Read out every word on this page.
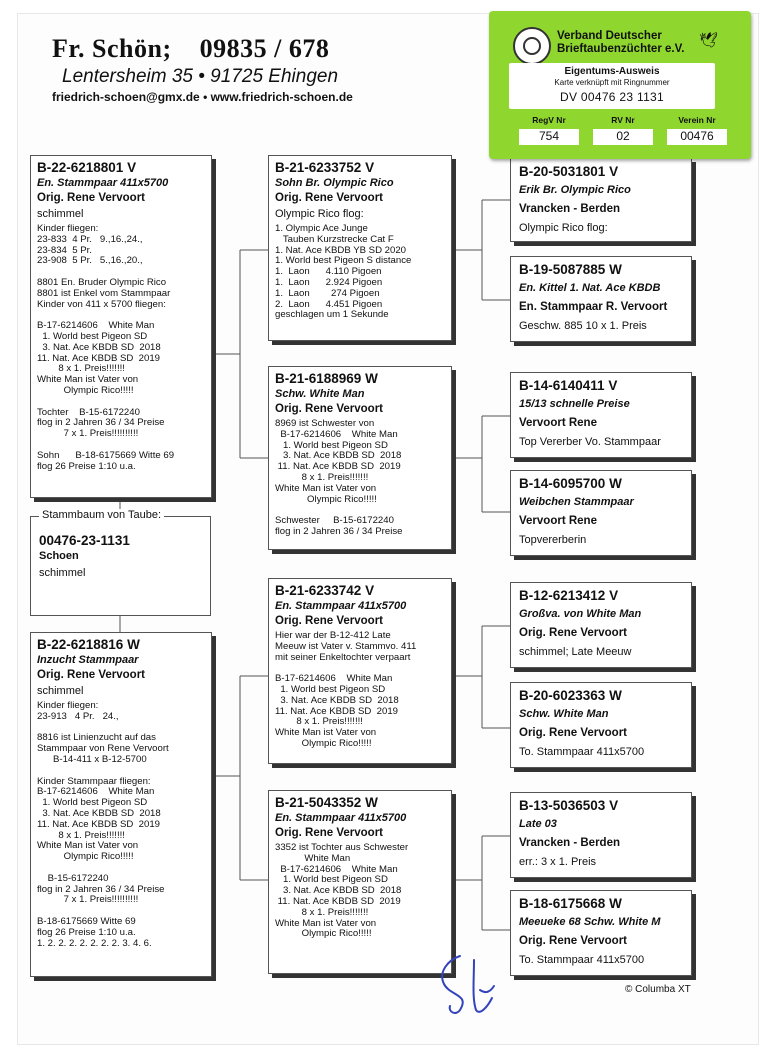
Fr. Schön;    09835 / 678
Lentersheim 35 • 91725 Ehingen
friedrich-schoen@gmx.de • www.friedrich-schoen.de
B-22-6218801 V
En. Stammpaar 411x5700
Orig. Rene Vervoort
schimmel
Kinder fliegen:
23-833  4 Pr.   9.,16.,24.,
23-834  5 Pr.
23-908  5 Pr.   5.,16.,20.,

8801 En. Bruder Olympic Rico
8801 ist Enkel vom Stammpaar
Kinder von 411 x 5700 fliegen:

B-17-6214606    White Man
1. World best Pigeon SD
3. Nat. Ace KBDB SD  2018
11. Nat. Ace KBDB SD  2019
8 x 1. Preis!!!!!!!
White Man ist Vater von
Olympic Rico!!!!!

Tochter    B-15-6172240
flog in 2 Jahren 36 / 34 Preise
7 x 1. Preis!!!!!!!!!!

Sohn      B-18-6175669 Witte 69
flog 26 Preise 1:10 u.a.
Stammbaum von Taube:
00476-23-1131
Schoen
schimmel
B-22-6218816 W
Inzucht Stammpaar
Orig. Rene Vervoort
schimmel
Kinder fliegen:
23-913   4 Pr.   24.,

8816 ist Linienzucht auf das
Stammpaar von Rene Vervoort
B-14-411 x B-12-5700

Kinder Stammpaar fliegen:
B-17-6214606    White Man
1. World best Pigeon SD
3. Nat. Ace KBDB SD  2018
11. Nat. Ace KBDB SD  2019
8 x 1. Preis!!!!!!!
White Man ist Vater von
Olympic Rico!!!!!

B-15-6172240
flog in 2 Jahren 36 / 34 Preise
7 x 1. Preis!!!!!!!!!!

B-18-6175669 Witte 69
flog 26 Preise 1:10 u.a.
1. 2. 2. 2. 2. 2. 2. 2. 3. 4. 6.
B-21-6233752 V
Sohn Br. Olympic Rico
Orig. Rene Vervoort
Olympic Rico flog:
1. Olympic Ace Junge
Tauben Kurzstrecke Cat F
1. Nat. Ace KBDB YB SD 2020
1. World best Pigeon S distance
1.  Laon      4.110 Pigoen
1.  Laon      2.924 Pigoen
1.  Laon        274 Pigoen
2.  Laon      4.451 Pigoen
geschlagen um 1 Sekunde
B-21-6188969 W
Schw. White Man
Orig. Rene Vervoort
8969 ist Schwester von
B-17-6214606    White Man
1. World best Pigeon SD
3. Nat. Ace KBDB SD  2018
11. Nat. Ace KBDB SD  2019
8 x 1. Preis!!!!!!!
White Man ist Vater von
Olympic Rico!!!!!

Schwester     B-15-6172240
flog in 2 Jahren 36 / 34 Preise
B-21-6233742 V
En. Stammpaar 411x5700
Orig. Rene Vervoort
Hier war der B-12-412 Late
Meeuw ist Vater v. Stammvo. 411
mit seiner Enkeltochter verpaart

B-17-6214606    White Man
1. World best Pigeon SD
3. Nat. Ace KBDB SD  2018
11. Nat. Ace KBDB SD  2019
8 x 1. Preis!!!!!!!
White Man ist Vater von
Olympic Rico!!!!!
B-21-5043352 W
En. Stammpaar 411x5700
Orig. Rene Vervoort
3352 ist Tochter aus Schwester
White Man
B-17-6214606    White Man
1. World best Pigeon SD
3. Nat. Ace KBDB SD  2018
11. Nat. Ace KBDB SD  2019
8 x 1. Preis!!!!!!!
White Man ist Vater von
Olympic Rico!!!!!
B-20-5031801 V
Erik Br. Olympic Rico
Vrancken - Berden
Olympic Rico flog:
B-19-5087885 W
En. Kittel 1. Nat. Ace KBDB
En. Stammpaar R. Vervoort
Geschw. 885 10 x 1. Preis
B-14-6140411 V
15/13 schnelle Preise
Vervoort Rene
Top Vererber Vo. Stammpaar
B-14-6095700 W
Weibchen Stammpaar
Vervoort Rene
Topvererberin
B-12-6213412 V
Großva. von White Man
Orig. Rene Vervoort
schimmel; Late Meeuw
B-20-6023363 W
Schw. White Man
Orig. Rene Vervoort
To. Stammpaar 411x5700
B-13-5036503 V
Late 03
Vrancken - Berden
err.: 3 x 1. Preis
B-18-6175668 W
Meeueke 68 Schw. White M
Orig. Rene Vervoort
To. Stammpaar 411x5700
Verband Deutscher
Brieftaubenzüchter e.V. 🕊
Eigentums-Ausweis
Karte verknüpft mit Ringnummer
DV 00476 23 1131
RegV Nr	RV Nr	Verein Nr
754	02	00476
© Columba XT
